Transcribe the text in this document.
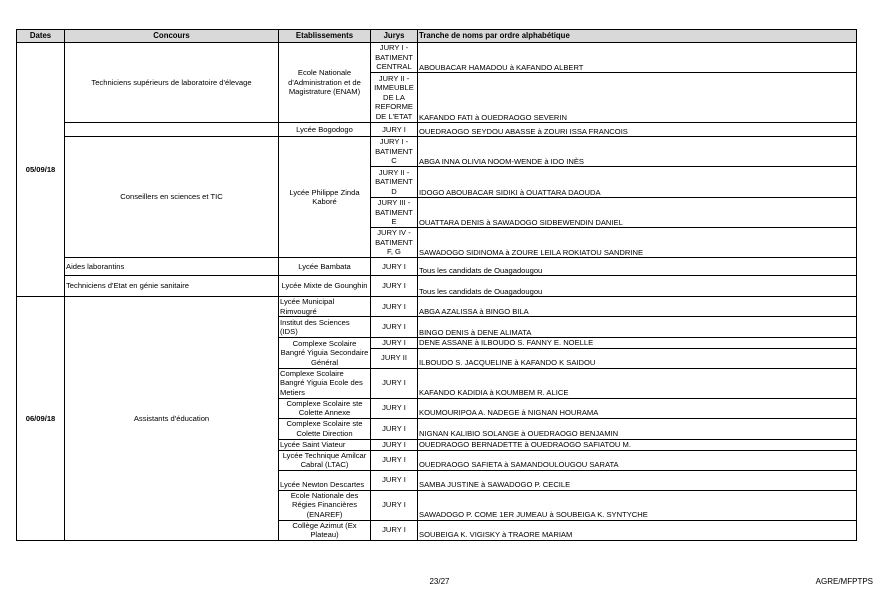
Dates	Concours	Etablissements	Jurys	Tranche de noms par ordre alphabétique
05/09/18	Techniciens supérieurs de laboratoire d'élevage	Ecole Nationale d'Administration et de Magistrature (ENAM)	JURY I - BATIMENT CENTRAL	ABOUBACAR HAMADOU à KAFANDO ALBERT
			JURY II - IMMEUBLE DE LA REFORME DE L'ETAT	KAFANDO FATI à OUEDRAOGO SEVERIN
		Lycée Bogodogo	JURY I	OUEDRAOGO SEYDOU ABASSE à ZOURI ISSA FRANCOIS
	Conseillers en sciences et TIC	Lycée Philippe Zinda Kaboré	JURY I - BATIMENT C	ABGA INNA OLIVIA NOOM-WENDE à IDO INÈS
			JURY II - BATIMENT D	IDOGO ABOUBACAR SIDIKI à OUATTARA DAOUDA
			JURY III - BATIMENT E	OUATTARA DENIS à SAWADOGO SIDBEWENDIN DANIEL
			JURY IV - BATIMENT F, G	SAWADOGO SIDINOMA à ZOURE LEILA ROKIATOU SANDRINE
	Aides laborantins	Lycée Bambata	JURY I	Tous les candidats de Ouagadougou
	Techniciens d'Etat en génie sanitaire	Lycée Mixte de Gounghin	JURY I	Tous les candidats de Ouagadougou
06/09/18	Assistants d'éducation	Lycée Municipal Rimvougré	JURY I	ABGA AZALISSA à BINGO BILA
		Institut des Sciences (IDS)	JURY I	BINGO DENIS à DENE ALIMATA
		Complexe Scolaire Bangré Yiguia Secondaire Général	JURY I	DENE ASSANE à ILBOUDO S. FANNY E. NOELLE
			JURY II	ILBOUDO S. JACQUELINE à KAFANDO K SAIDOU
		Complexe Scolaire Bangré Yiguia Ecole des Metiers	JURY I	KAFANDO KADIDIA à KOUMBEM R. ALICE
		Complexe Scolaire ste Colette Annexe	JURY I	KOUMOURIPOA A. NADEGE à NIGNAN HOURAMA
		Complexe Scolaire ste Colette Direction	JURY I	NIGNAN KALIBIO SOLANGE à OUEDRAOGO BENJAMIN
		Lycée Saint Viateur	JURY I	OUEDRAOGO BERNADETTE à OUEDRAOGO SAFIATOU M.
		Lycée Technique Amilcar Cabral (LTAC)	JURY I	OUEDRAOGO SAFIETA à SAMANDOULOUGOU SARATA
		Lycée Newton Descartes	JURY I	SAMBA JUSTINE à SAWADOGO P. CECILE
		Ecole Nationale des Régies Financières (ENAREF)	JURY I	SAWADOGO P. COME 1ER JUMEAU à SOUBEIGA K. SYNTYCHE
		Collège Azimut (Ex Plateau)	JURY I	SOUBEIGA K. VIGISKY à TRAORE MARIAM
23/27	AGRE/MFPTPS
